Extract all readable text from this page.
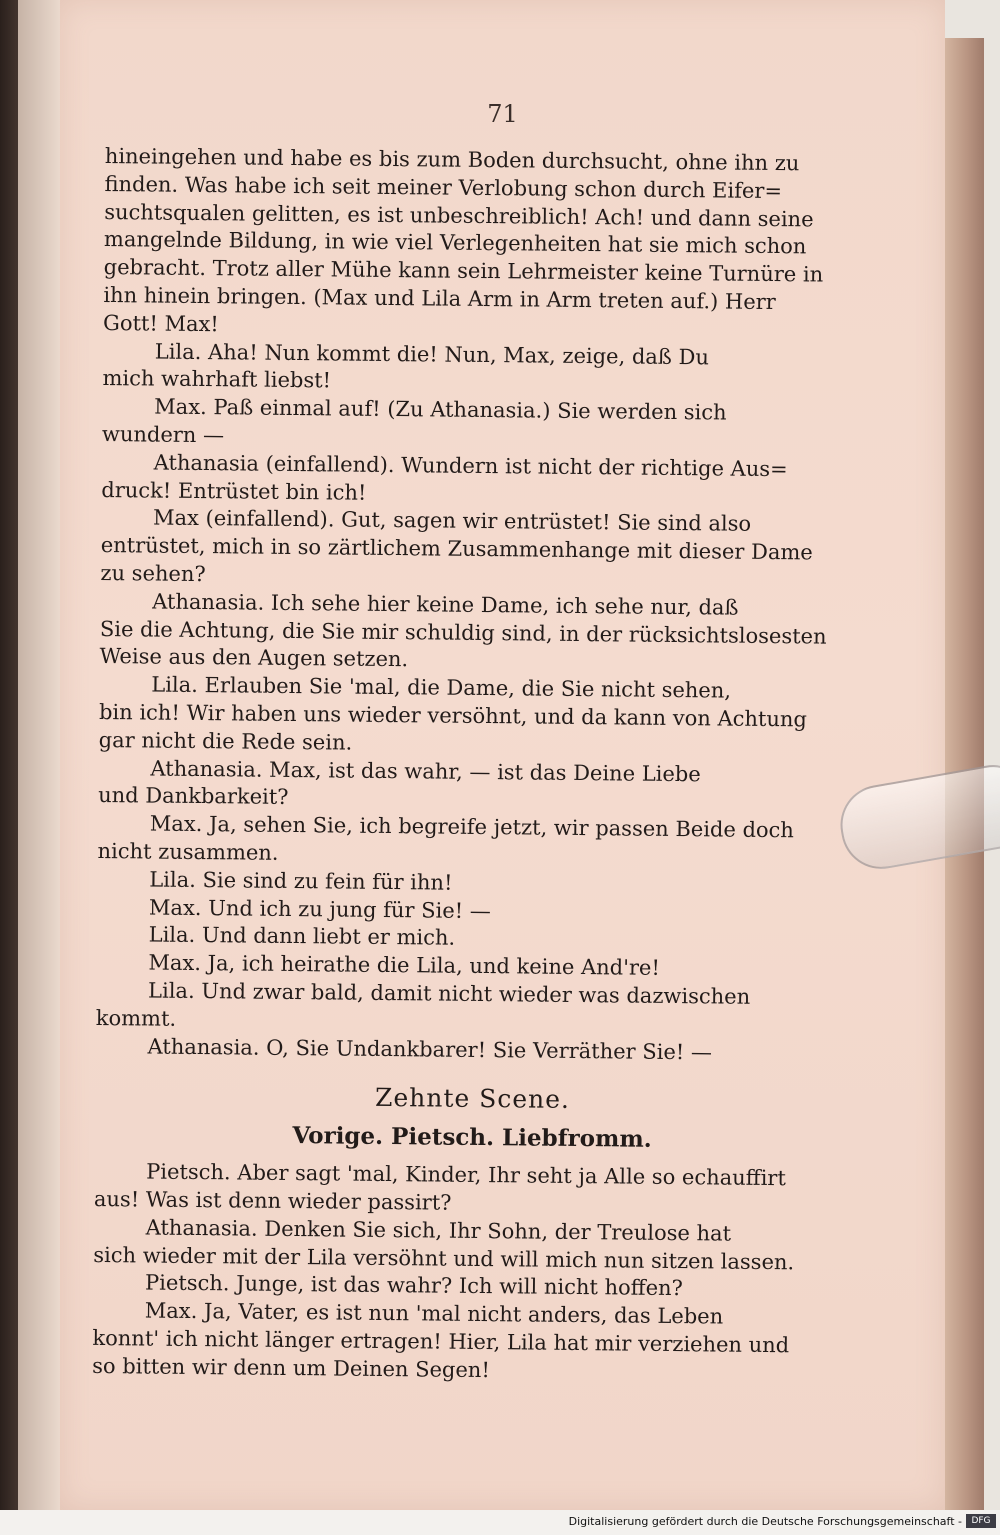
71
hineingehen und habe es bis zum Boden durchsucht, ohne ihn zu
finden. Was habe ich seit meiner Verlobung schon durch Eifer=
suchtsqualen gelitten, es ist unbeschreiblich! Ach! und dann seine
mangelnde Bildung, in wie viel Verlegenheiten hat sie mich schon
gebracht. Trotz aller Mühe kann sein Lehrmeister keine Turnüre in
ihn hinein bringen. (Max und Lila Arm in Arm treten auf.) Herr
Gott! Max!
Lila. Aha! Nun kommt die! Nun, Max, zeige, daß Du
mich wahrhaft liebst!
Max. Paß einmal auf! (Zu Athanasia.) Sie werden sich
wundern —
Athanasia (einfallend). Wundern ist nicht der richtige Aus=
druck! Entrüstet bin ich!
Max (einfallend). Gut, sagen wir entrüstet! Sie sind also
entrüstet, mich in so zärtlichem Zusammenhange mit dieser Dame
zu sehen?
Athanasia. Ich sehe hier keine Dame, ich sehe nur, daß
Sie die Achtung, die Sie mir schuldig sind, in der rücksichtslosesten
Weise aus den Augen setzen.
Lila. Erlauben Sie 'mal, die Dame, die Sie nicht sehen,
bin ich! Wir haben uns wieder versöhnt, und da kann von Achtung
gar nicht die Rede sein.
Athanasia. Max, ist das wahr, — ist das Deine Liebe
und Dankbarkeit?
Max. Ja, sehen Sie, ich begreife jetzt, wir passen Beide doch
nicht zusammen.
Lila. Sie sind zu fein für ihn!
Max. Und ich zu jung für Sie! —
Lila. Und dann liebt er mich.
Max. Ja, ich heirathe die Lila, und keine And're!
Lila. Und zwar bald, damit nicht wieder was dazwischen
kommt.
Athanasia. O, Sie Undankbarer! Sie Verräther Sie! —
Zehnte Scene.
Vorige. Pietsch. Liebfromm.
Pietsch. Aber sagt 'mal, Kinder, Ihr seht ja Alle so echauffirt
aus! Was ist denn wieder passirt?
Athanasia. Denken Sie sich, Ihr Sohn, der Treulose hat
sich wieder mit der Lila versöhnt und will mich nun sitzen lassen.
Pietsch. Junge, ist das wahr? Ich will nicht hoffen?
Max. Ja, Vater, es ist nun 'mal nicht anders, das Leben
konnt' ich nicht länger ertragen! Hier, Lila hat mir verziehen und
so bitten wir denn um Deinen Segen!
Digitalisierung gefördert durch die Deutsche Forschungsgemeinschaft -	DFG
